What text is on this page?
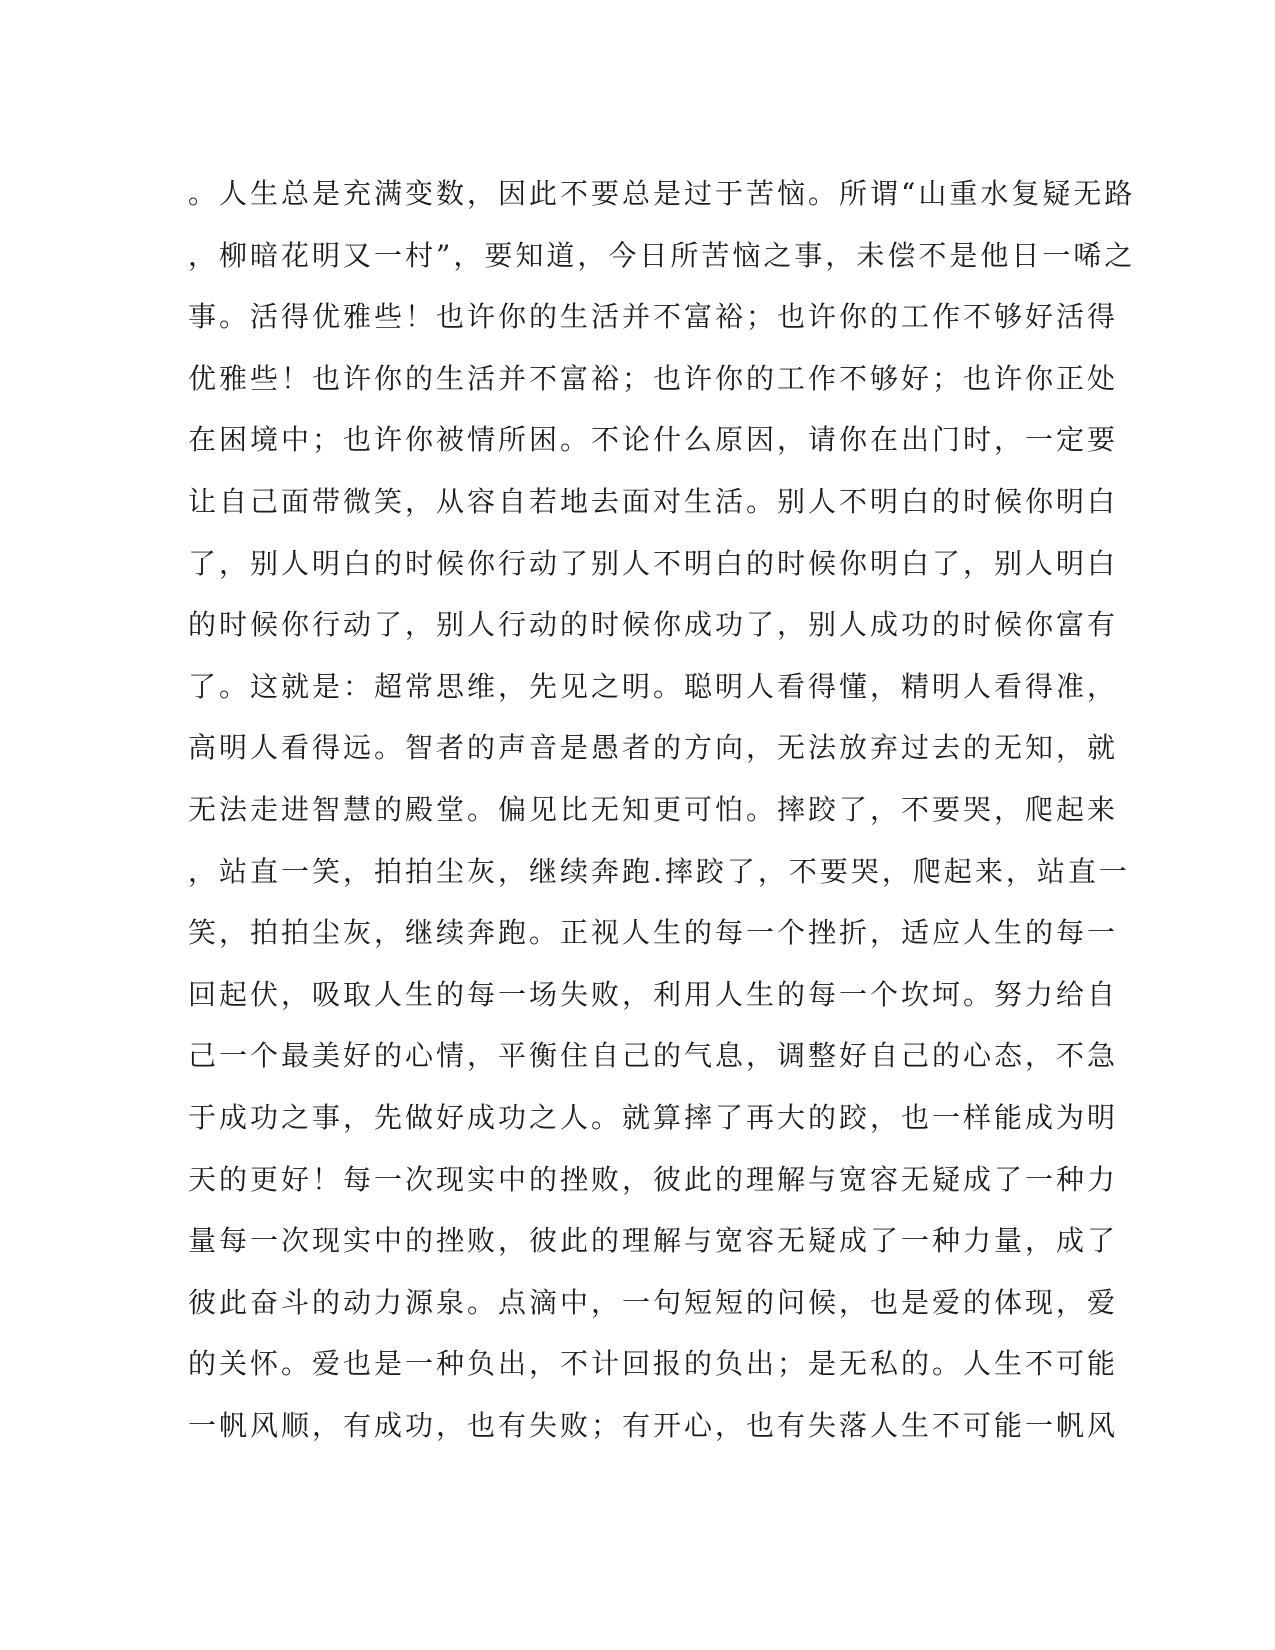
。人生总是充满变数，因此不要总是过于苦恼。所谓“山重水复疑无路
，柳暗花明又一村”，要知道，今日所苦恼之事，未偿不是他日一唏之
事。活得优雅些！也许你的生活并不富裕；也许你的工作不够好活得
优雅些！也许你的生活并不富裕；也许你的工作不够好；也许你正处
在困境中；也许你被情所困。不论什么原因，请你在出门时，一定要
让自己面带微笑，从容自若地去面对生活。别人不明白的时候你明白
了，别人明白的时候你行动了别人不明白的时候你明白了，别人明白
的时候你行动了，别人行动的时候你成功了，别人成功的时候你富有
了。这就是：超常思维，先见之明。聪明人看得懂，精明人看得准，
高明人看得远。智者的声音是愚者的方向，无法放弃过去的无知，就
无法走进智慧的殿堂。偏见比无知更可怕。摔跤了，不要哭，爬起来
，站直一笑，拍拍尘灰，继续奔跑.摔跤了，不要哭，爬起来，站直一
笑，拍拍尘灰，继续奔跑。正视人生的每一个挫折，适应人生的每一
回起伏，吸取人生的每一场失败，利用人生的每一个坎坷。努力给自
己一个最美好的心情，平衡住自己的气息，调整好自己的心态，不急
于成功之事，先做好成功之人。就算摔了再大的跤，也一样能成为明
天的更好！每一次现实中的挫败，彼此的理解与宽容无疑成了一种力
量每一次现实中的挫败，彼此的理解与宽容无疑成了一种力量，成了
彼此奋斗的动力源泉。点滴中，一句短短的问候，也是爱的体现，爱
的关怀。爱也是一种负出，不计回报的负出；是无私的。人生不可能
一帆风顺，有成功，也有失败；有开心，也有失落人生不可能一帆风
